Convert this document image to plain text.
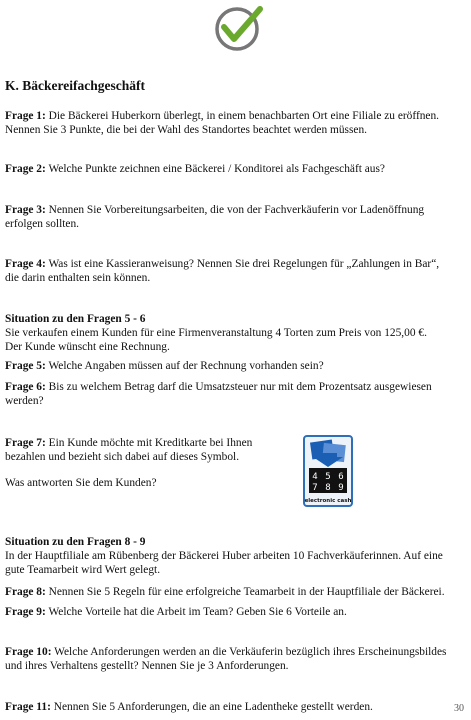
K. Bäckereifachgeschäft
Frage 1: Die Bäckerei Huberkorn überlegt, in einem benachbarten Ort eine Filiale zu eröffnen.
Nennen Sie 3 Punkte, die bei der Wahl des Standortes beachtet werden müssen.
Frage 2: Welche Punkte zeichnen eine Bäckerei / Konditorei als Fachgeschäft aus?
Frage 3: Nennen Sie Vorbereitungsarbeiten, die von der Fachverkäuferin vor Ladenöffnung
erfolgen sollten.
Frage 4: Was ist eine Kassieranweisung? Nennen Sie drei Regelungen für „Zahlungen in Bar“,
die darin enthalten sein können.
Situation zu den Fragen 5 - 6
Sie verkaufen einem Kunden für eine Firmenveranstaltung 4 Torten zum Preis von 125,00 €.
Der Kunde wünscht eine Rechnung.
Frage 5: Welche Angaben müssen auf der Rechnung vorhanden sein?
Frage 6: Bis zu welchem Betrag darf die Umsatzsteuer nur mit dem Prozentsatz ausgewiesen
werden?
Frage 7: Ein Kunde möchte mit Kreditkarte bei Ihnen
bezahlen und bezieht sich dabei auf dieses Symbol.
Was antworten Sie dem Kunden?	4 5 6
7 8 9
electronic cash
Situation zu den Fragen 8 - 9
In der Hauptfiliale am Rübenberg der Bäckerei Huber arbeiten 10 Fachverkäuferinnen. Auf eine
gute Teamarbeit wird Wert gelegt.
Frage 8: Nennen Sie 5 Regeln für eine erfolgreiche Teamarbeit in der Hauptfiliale der Bäckerei.
Frage 9: Welche Vorteile hat die Arbeit im Team? Geben Sie 6 Vorteile an.
Frage 10: Welche Anforderungen werden an die Verkäuferin bezüglich ihres Erscheinungsbildes
und ihres Verhaltens gestellt? Nennen Sie je 3 Anforderungen.
Frage 11: Nennen Sie 5 Anforderungen, die an eine Ladentheke gestellt werden.	30
